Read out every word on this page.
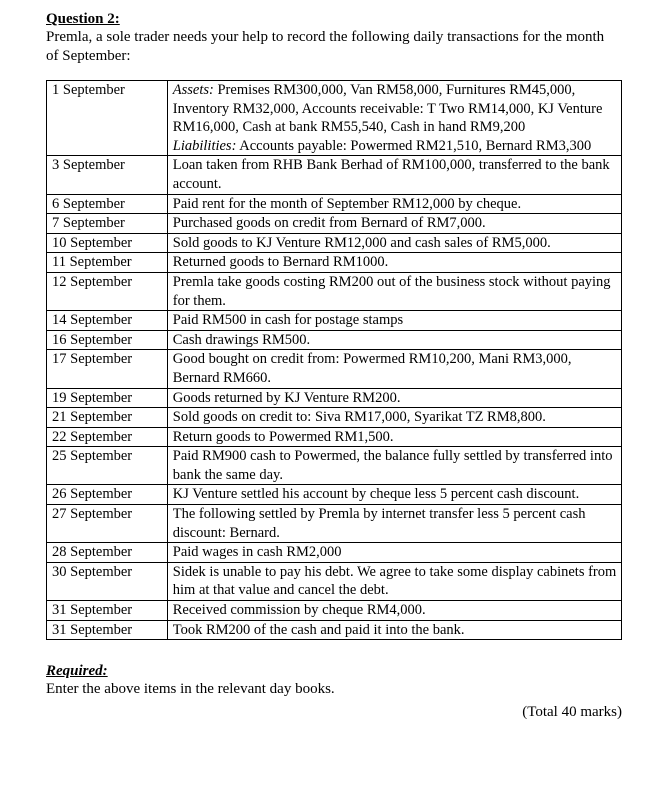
Question 2:
Premla, a sole trader needs your help to record the following daily transactions for the month of September:
1 September	Assets: Premises RM300,000, Van RM58,000, Furnitures RM45,000, Inventory RM32,000, Accounts receivable: T Two RM14,000, KJ Venture RM16,000, Cash at bank RM55,540, Cash in hand RM9,200
Liabilities: Accounts payable: Powermed RM21,510, Bernard RM3,300
3 September	Loan taken from RHB Bank Berhad of RM100,000, transferred to the bank account.
6 September	Paid rent for the month of September RM12,000 by cheque.
7 September	Purchased goods on credit from Bernard of RM7,000.
10 September	Sold goods to KJ Venture RM12,000 and cash sales of RM5,000.
11 September	Returned goods to Bernard RM1000.
12 September	Premla take goods costing RM200 out of the business stock without paying for them.
14 September	Paid RM500 in cash for postage stamps
16 September	Cash drawings RM500.
17 September	Good bought on credit from: Powermed RM10,200, Mani RM3,000, Bernard RM660.
19 September	Goods returned by KJ Venture RM200.
21 September	Sold goods on credit to: Siva RM17,000, Syarikat TZ RM8,800.
22 September	Return goods to Powermed RM1,500.
25 September	Paid RM900 cash to Powermed, the balance fully settled by transferred into bank the same day.
26 September	KJ Venture settled his account by cheque less 5 percent cash discount.
27 September	The following settled by Premla by internet transfer less 5 percent cash discount: Bernard.
28 September	Paid wages in cash RM2,000
30 September	Sidek is unable to pay his debt. We agree to take some display cabinets from him at that value and cancel the debt.
31 September	Received commission by cheque RM4,000.
31 September	Took RM200 of the cash and paid it into the bank.
Required:
Enter the above items in the relevant day books.
(Total 40 marks)
